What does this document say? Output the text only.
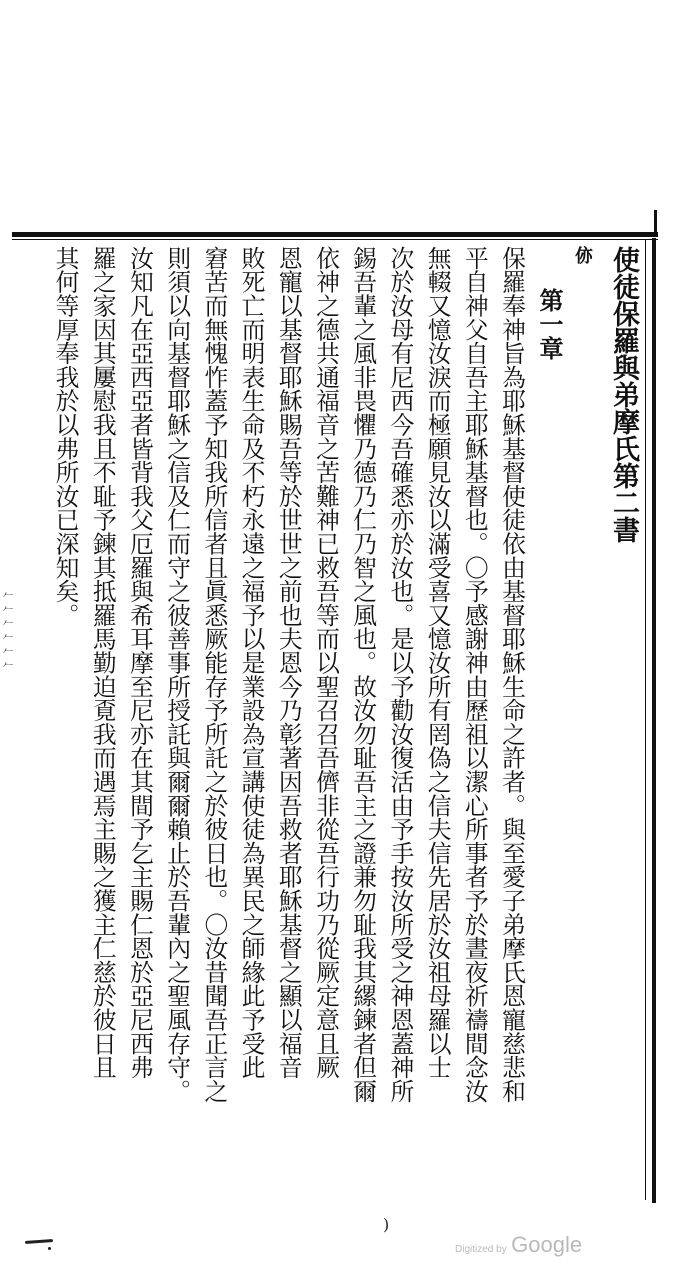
使徒保羅與弟摩氏第二書
㑊
第一章
保羅奉神旨為耶穌基督使徒依由基督耶穌生命之許者。與至愛子弟摩氏恩寵慈悲和
平自神父自吾主耶穌基督也。〇予感謝神由歷祖以潔心所事者予於晝夜祈禱間念汝
無輟又憶汝淚而極願見汝以滿受喜又憶汝所有罔偽之信夫信先居於汝祖母羅以士
次於汝母有尼西今吾確悉亦於汝也。是以予勸汝復活由予手按汝所受之神恩蓋神所
錫吾輩之風非畏懼乃德乃仁乃智之風也。故汝勿耻吾主之證兼勿耻我其縲鍊者但爾
依神之德共通福音之苦難神已救吾等而以聖召召吾儕非從吾行功乃從厥定意且厥
恩寵以基督耶穌賜吾等於世世之前也夫恩今乃彰著因吾救者耶穌基督之顯以福音
敗死亡而明表生命及不朽永遠之福予以是業設為宣講使徒為異民之師緣此予受此
窘苦而無愧怍蓋予知我所信者且眞悉厥能存予所託之於彼日也。〇汝昔聞吾正言之
則須以向基督耶穌之信及仁而守之彼善事所授託與爾爾賴止於吾輩內之聖風存守。
汝知凡在亞西亞者皆背我父厄羅與希耳摩至尼亦在其間予乞主賜仁恩於亞尼西弗
羅之家因其屢慰我且不耻予鍊其抵羅馬勤迫覔我而遇焉主賜之獲主仁慈於彼日且
其何等厚奉我於以弗所汝已深知矣。
𠂉𠂉𠂉𠂉𠂉𠂉
)
Digitized by Google
